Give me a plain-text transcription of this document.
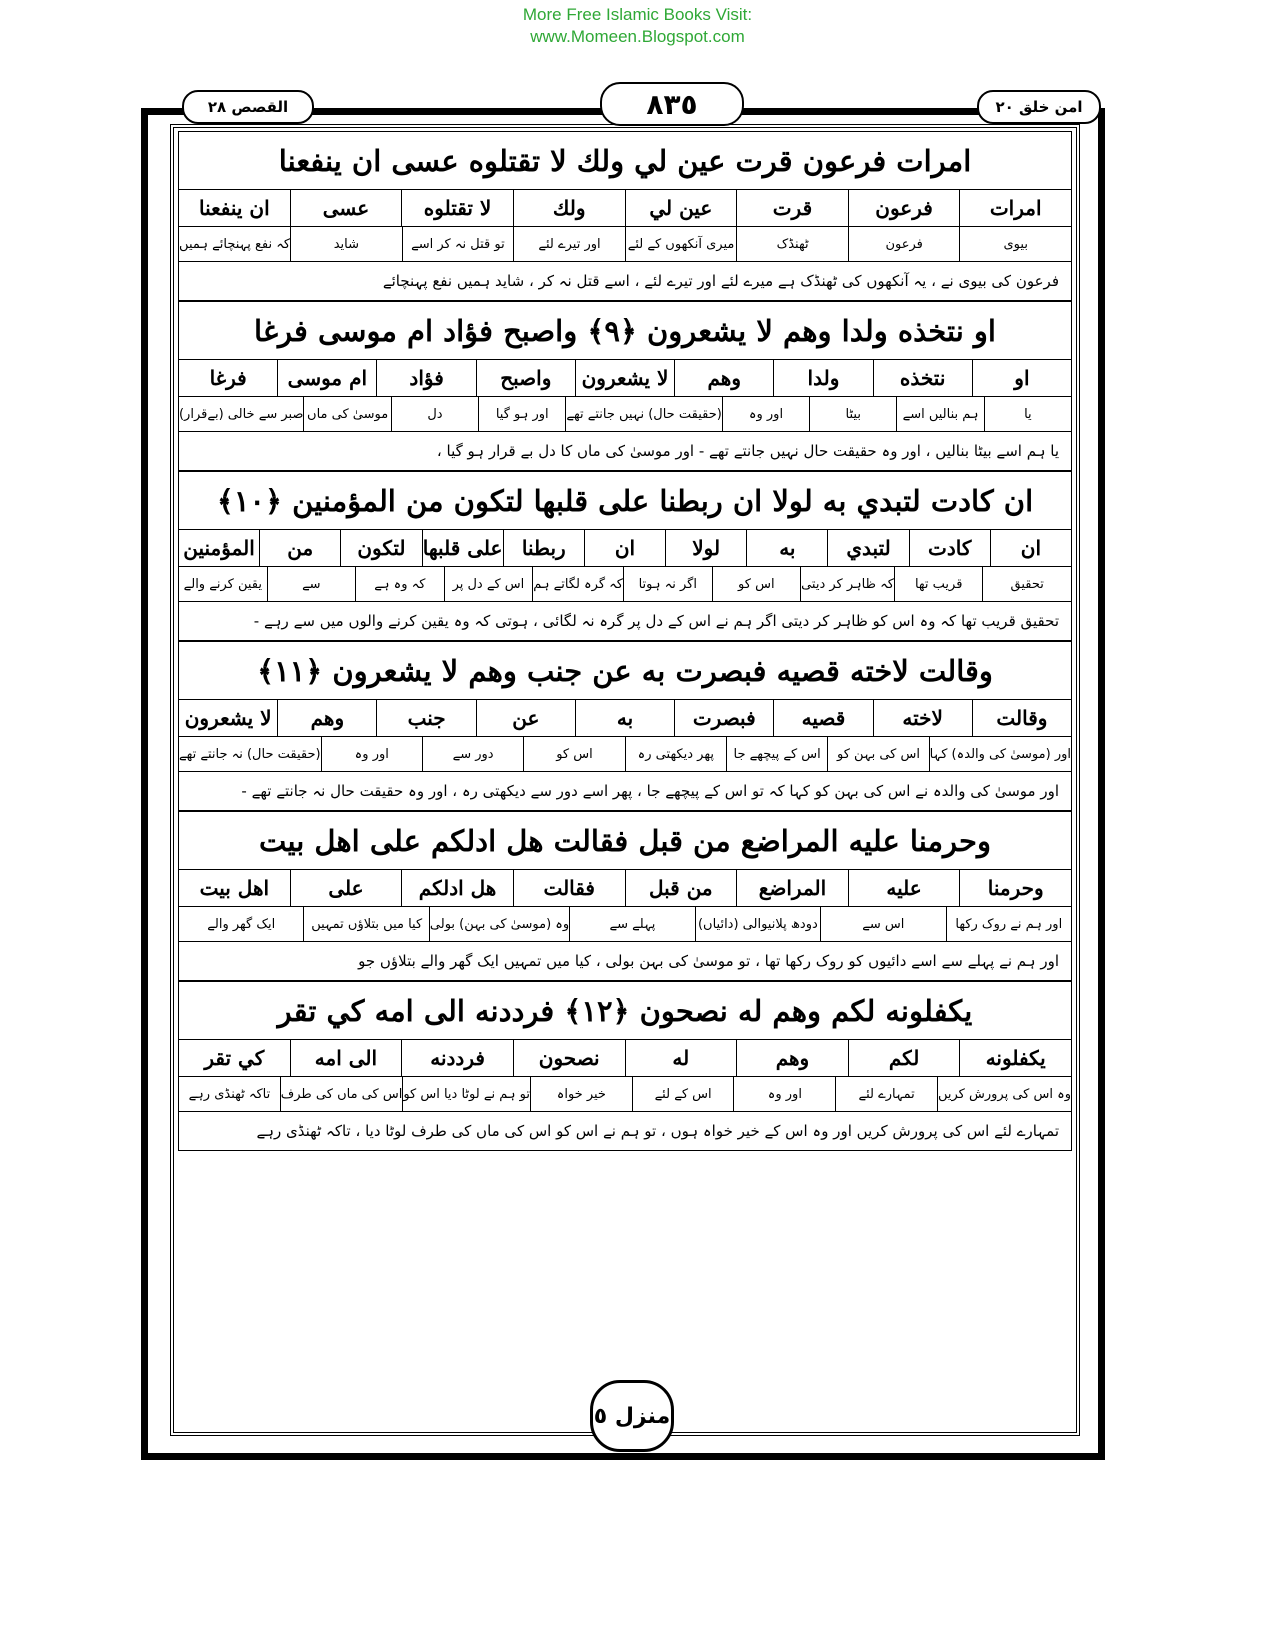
More Free Islamic Books Visit:
www.Momeen.Blogspot.com
امن خلق ٢٠
٨٣٥
القصص ٢٨
امرات فرعون قرت عين لي ولك لا تقتلوه عسى ان ينفعنا
امرات
فرعون
قرت
عين لي
ولك
لا تقتلوه
عسى
ان ينفعنا
بیوی
فرعون
ٹھنڈک
میری آنکھوں کے لئے
اور تیرے لئے
تو قتل نہ کر اسے
شاید
کہ نفع پہنچائے ہمیں
فرعون کی بیوی نے ، یہ آنکھوں کی ٹھنڈک ہے میرے لئے اور تیرے لئے ، اسے قتل نہ کر ، شاید ہمیں نفع پہنچائے
او نتخذه ولدا وهم لا يشعرون ﴿٩﴾ واصبح فؤاد ام موسى فرغا
او
نتخذه
ولدا
وهم
لا يشعرون
واصبح
فؤاد
ام موسى
فرغا
یا
ہم بنالیں اسے
بیٹا
اور وہ
(حقیقت حال) نہیں جانتے تھے
اور ہو گیا
دل
موسیٰ کی ماں
صبر سے خالی (بےقرار)
یا ہم اسے بیٹا بنالیں ، اور وہ حقیقت حال نہیں جانتے تھے - اور موسیٰ کی ماں کا دل بے قرار ہو گیا ،
ان كادت لتبدي به لولا ان ربطنا على قلبها لتكون من المؤمنين ﴿١٠﴾
ان
كادت
لتبدي
به
لولا
ان
ربطنا
على قلبها
لتكون
من
المؤمنين
تحقیق
قریب تھا
کہ ظاہر کر دیتی
اس کو
اگر نہ ہوتا
کہ گرہ لگاتے ہم
اس کے دل پر
کہ وہ ہے
سے
یقین کرنے والے
تحقیق قریب تھا کہ وہ اس کو ظاہر کر دیتی اگر ہم نے اس کے دل پر گرہ نہ لگائی ، ہوتی کہ وہ یقین کرنے والوں میں سے رہے -
وقالت لاخته قصيه فبصرت به عن جنب وهم لا يشعرون ﴿١١﴾
وقالت
لاخته
قصيه
فبصرت
به
عن
جنب
وهم
لا يشعرون
اور (موسیٰ کی والدہ) کہا
اس کی بہن کو
اس کے پیچھے جا
پھر دیکھتی رہ
اس کو
دور سے
اور وہ
(حقیقت حال) نہ جانتے تھے
اور موسیٰ کی والدہ نے اس کی بہن کو کہا کہ تو اس کے پیچھے جا ، پھر اسے دور سے دیکھتی رہ ، اور وہ حقیقت حال نہ جانتے تھے -
وحرمنا عليه المراضع من قبل فقالت هل ادلكم على اهل بيت
وحرمنا
عليه
المراضع
من قبل
فقالت
هل ادلكم
على
اهل بيت
اور ہم نے روک رکھا
اس سے
دودھ پلانیوالی (دائیاں)
پہلے سے
وہ (موسیٰ کی بہن) بولی
کیا میں بتلاؤں تمہیں
ایک گھر والے
اور ہم نے پہلے سے اسے دائیوں کو روک رکھا تھا ، تو موسیٰ کی بہن بولی ، کیا میں تمہیں ایک گھر والے بتلاؤں جو
يكفلونه لكم وهم له نصحون ﴿١٢﴾ فرددنه الى امه كي تقر
يكفلونه
لكم
وهم
له
نصحون
فرددنه
الى امه
كي تقر
وہ اس کی پرورش کریں
تمہارے لئے
اور وہ
اس کے لئے
خیر خواہ
تو ہم نے لوٹا دیا اس کو
اس کی ماں کی طرف
تاکہ ٹھنڈی رہے
تمہارے لئے اس کی پرورش کریں اور وہ اس کے خیر خواہ ہوں ، تو ہم نے اس کو اس کی ماں کی طرف لوٹا دیا ، تاکہ ٹھنڈی رہے
منزل ٥
